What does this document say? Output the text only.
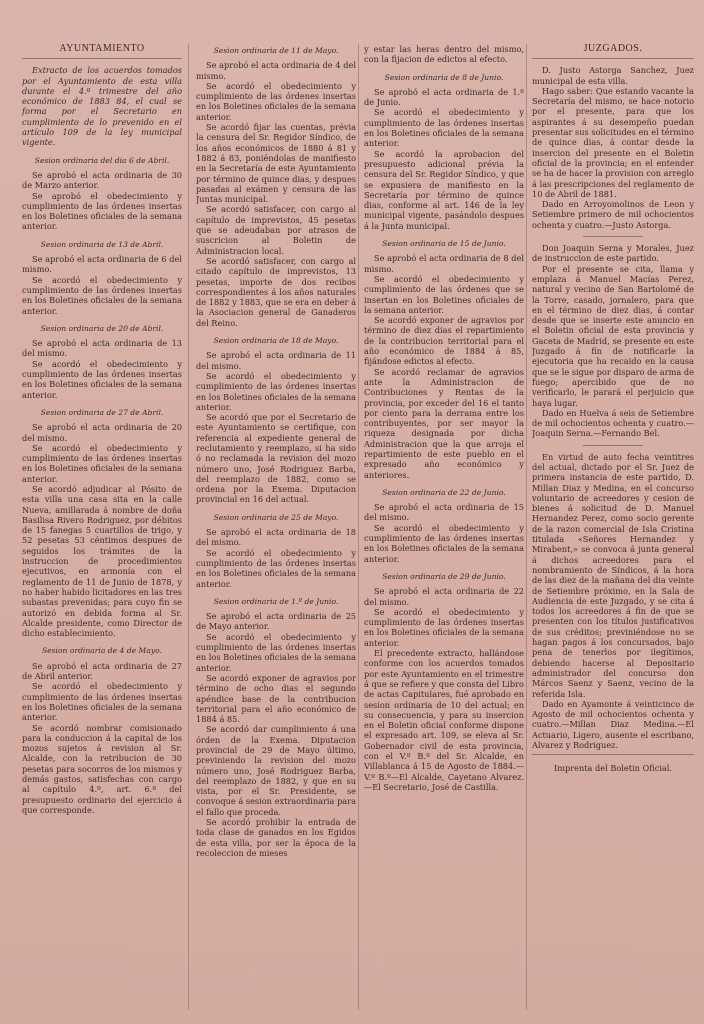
AYUNTAMIENTO

Extracto de los acuerdos tomados por el Ayuntamiento de esta villa durante el 4.º trimestre del año económico de 1883 84, el cual se forma por el Secretario en cumplimiento de lo prevenido en el artículo 109 de la ley municipal vigente.

Sesion ordinaria del dia 6 de Abril.

Se aprobó el acta ordinaria de 30 de Marzo anterior.

Se aprobó el obedecimiento y cumplimiento de las órdenes insertas en los Boletines oficiales de la semana anterior.

Sesion ordinaria de 13 de Abril.

Se aprobó el acta ordinaria de 6 del mismo.

Se acordó el obedecimiento y cumplimiento de las órdenes insertas en los Boletines oficiales de la semana anterior.

Sesion ordinaria de 20 de Abril.

Se aprobó el acta ordinaria de 13 del mismo.

Se acordó el obedecimiento y cumplimiento de las órdenes insertas en los Boletines oficiales de la semana anterior.

Sesion ordinaria de 27 de Abril.

Se aprobó el acta ordinaria de 20 del mismo.

Se acordó el obedecimiento y cumplimiento de las órdenes insertas en los Boletines oficiales de la semana anterior.

Se acordó adjudicar al Pósito de esta villa una casa sita en la calle Nueva, amillarada á nombre de doña Basilisa Rivero Rodriguez, por débitos de 15 fanegas 5 cuartillos de trigo, y 52 pesetas 53 céntimos despues de seguidos los trámites de la instruccion de procedimientos ejecutivos, en armonía con el reglamento de 11 de Junio de 1878, y no haber habido licitadores en las tres subastas prevenidas; para cuyo fin se autorizó en debida forma al Sr. Alcalde presidente, como Director de dicho establecimiento.

Sesion ordinaria de 4 de Mayo.

Se aprobó el acta ordinaria de 27 de Abril anterior.

Se acordó el obedecimiento y cumplimiento de las órdenes insertas en los Boletines oficiales de la semana anterior.

Se acordó nombrar comisionado para la conduccion á la capital de los mozos sujetos á revision al Sr. Alcalde, con la retribucion de 30 pesetas para socorros de los mismos y demás gastos, satisfechas con cargo al capítulo 4.º, art. 6.º del presupuesto ordinario del ejercicio á que corresponde.

Sesion ordinaria de 11 de Mayo.

Se aprobó el acta ordinaria de 4 del mismo.

Se acordó el obedecimiento y cumplimiento de las órdenes insertas en los Boletines oficiales de la semana anterior.

Se acordó fijar las cuentas, prévia la censura del Sr. Regidor Síndico, de los años económicos de 1880 á 81 y 1882 á 83, poniéndolas de manifiesto en la Secretaría de este Ayuntamiento por término de quince dias, y despues pasadas al exámen y censura de las Juntas municipal.

Se acordó satisfacer, con cargo al capítulo de imprevistos, 45 pesetas que se adeudaban por atrasos de suscricion al Boletin de Administracion local.

Se acordó satisfacer, con cargo al citado capítulo de imprevistos, 13 pesetas, importe de dos recibos correspondientes á los años naturales de 1882 y 1883, que se era en deber á la Asociacion general de Ganaderos del Reino.

Sesion ordinaria de 18 de Mayo.

Se aprobó el acta ordinaria de 11 del mismo.

Se acordó el obedecimiento y cumplimiento de las órdenes insertas en los Boletines oficiales de la semana anterior.

Se acordó que por el Secretario de este Ayuntamiento se certifique, con referencia al expediente general de reclutamiento y reemplazo, si ha sido ó no reclamada la revision del mozo número uno, José Rodriguez Barba, del reemplazo de 1882, como se ordena por la Exema. Diputacion provincial en 16 del actual.

Sesion ordinaria de 25 de Mayo.

Se aprobó el acta ordinaria de 18 del mismo.

Se acordó el obedecimiento y cumplimiento de las órdenes insertas en los Boletines oficiales de la semana anterior.

Sesion ordinaria de 1.º de Junio.

Se aprobó el acta ordinaria de 25 de Mayo anterior.

Se acordó el obedecimiento y cumplimiento de las órdenes insertas en los Boletines oficiales de la semana anterior.

Se acordó exponer de agravios por término de ocho dias el segundo apéndice base de la contribucion territorial para el año económico de 1884 á 85.

Se acordó dar cumplimiento á una órden de la Exema. Diputacion provincial de 29 de Mayo último, previniendo la revision del mozo número uno, José Rodriguez Barba, del reemplazo de 1882, y que en su vista, por el Sr. Presidente, se convoque á sesion extraordinaria para el fallo que proceda.

Se acordó prohibir la entrada de toda clase de ganados en los Egidos de esta villa, por ser la época de la recoleccion de mieses

y estar las heras dentro del mismo, con la fijacion de edictos al efecto.

Sesion ordinaria de 8 de Junio.

Se aprobó el acta ordinaria de 1.º de Junio.

Se acordó el obedecimiento y cumplimiento de las órdenes insertas en los Boletines oficiales de la semana anterior.

Se acordó la aprobacion del presupuesto adicional prévia la censura del Sr. Regidor Síndico, y que se expusiera de manifiesto en la Secretaría por término de quince dias, conforme al art. 146 de la ley municipal vigente, pasándolo despues á la Junta municipal.

Sesion ordinaria de 15 de Junio.

Se aprobó el acta ordinaria de 8 del mismo.

Se acordó el obedecimiento y cumplimiento de las órdenes que se insertan en los Boletines oficiales de la semana anterior.

Se acordó exponer de agravios por término de diez dias el repartimiento de la contribucion territorial para el año económico de 1884 á 85, fijándose edictos al efecto.

Se acordó reclamar de agravios ante la Administracion de Contribuciones y Rentas de la provincia, por exceder del 16 el tanto por ciento para la derrama entre los contribuyentes, por ser mayor la riqueza designada por dicha Administracion que la que arroja el repartimiento de este pueblo en el expresado año económico y anteriores.

Sesion ordinaria de 22 de Junio.

Se aprobó el acta ordinaria de 15 del mismo.

Se acordó el obedecimiento y cumplimiento de las órdenes insertas en los Boletines oficiales de la semana anterior.

Sesion ordinaria de 29 de Junio.

Se aprobó el acta ordinaria de 22 del mismo.

Se acordó el obedecimiento y cumplimiento de las órdenes insertas en los Boletines oficiales de la semana anterior.

El precedente extracto, hallándose conforme con los acuerdos tomados por este Ayuntamiento en el trimestre á que se refiere y que consta del Libro de actas Capitulares, fué aprobado en sesion ordinaria de 10 del actual; en su consecuencia, y para su insercion en el Boletin oficial conforme dispone el expresado art. 109, se eleva al Sr. Gobernador civil de esta provincia, con el V.º B.º del Sr. Alcalde, en Villablanca á 15 de Agosto de 1884.—V.º B.º—El Alcalde, Cayetano Alvarez.—El Secretario, José de Castilla.

JUZGADOS.

D. Justo Astorga Sanchez, Juez municipal de esta villa.

Hago saber: Que estando vacante la Secretaría del mismo, se hace notorio por el presente, para que los aspirantes á su desempeño puedan presentar sus solicitudes en el término de quince dias, á contar desde la insercion del presente en el Boletin oficial de la provincia; en el entender se ha de hacer la provision con arreglo á las prescripciones del reglamento de 10 de Abril de 1881.

Dado en Arroyomolinos de Leon y Setiembre primero de mil ochocientos ochenta y cuatro.—Justo Astorga.

Don Joaquin Serna y Morales, Juez de instruccion de este partido.

Por el presente se cita, llama y emplaza á Manuel Macías Perez, natural y vecino de San Bartolomé de la Torre, casado, jornalero, para que en el término de diez dias, á contar desde que se inserte este anuncio en el Boletin oficial de esta provincia y Gaceta de Madrid, se presente en este Juzgado á fin de notificarle la ejecutoria que ha recaido en la causa que se le sigue por disparo de arma de fuego; apercibido que de no verificarlo, le parará el perjuicio que haya lugar.

Dado en Huelva á seis de Setiembre de mil ochocientos ochenta y cuatro.—Joaquin Serna.—Fernando Bel.

En virtud de auto fecha veintitres del actual, dictado por el Sr. Juez de primera instancia de este partido, D. Millan Diaz y Medina, en el concurso voluntario de acreedores y cesion de bienes á solicitud de D. Manuel Hernandez Perez, como socio gerente de la razon comercial de Isla Cristina titulada «Señores Hernandez y Mirabent,» se convoca á junta general á dichos acreedores para el nombramiento de Síndicos, á la hora de las diez de la mañana del dia veinte de Setiembre próximo, en la Sala de Audiencia de este Juzgado, y se cita á todos los acreedores á fin de que se presenten con los títulos justificativos de sus créditos; previniéndose no se hagan pagos á los concursados, bajo pena de tenerlos por ilegítimos, debiendo hacerse al Depositario administrador del concurso don Márcos Saenz y Saenz, vecino de la referida Isla.

Dado en Ayamonte á veinticinco de Agosto de mil ochocientos ochenta y cuatro.—Millan Diaz Medina.—El Actuario, Ligero, ausente el escribano, Alvarez y Rodriguez.

Imprenta del Boletin Oficial.
